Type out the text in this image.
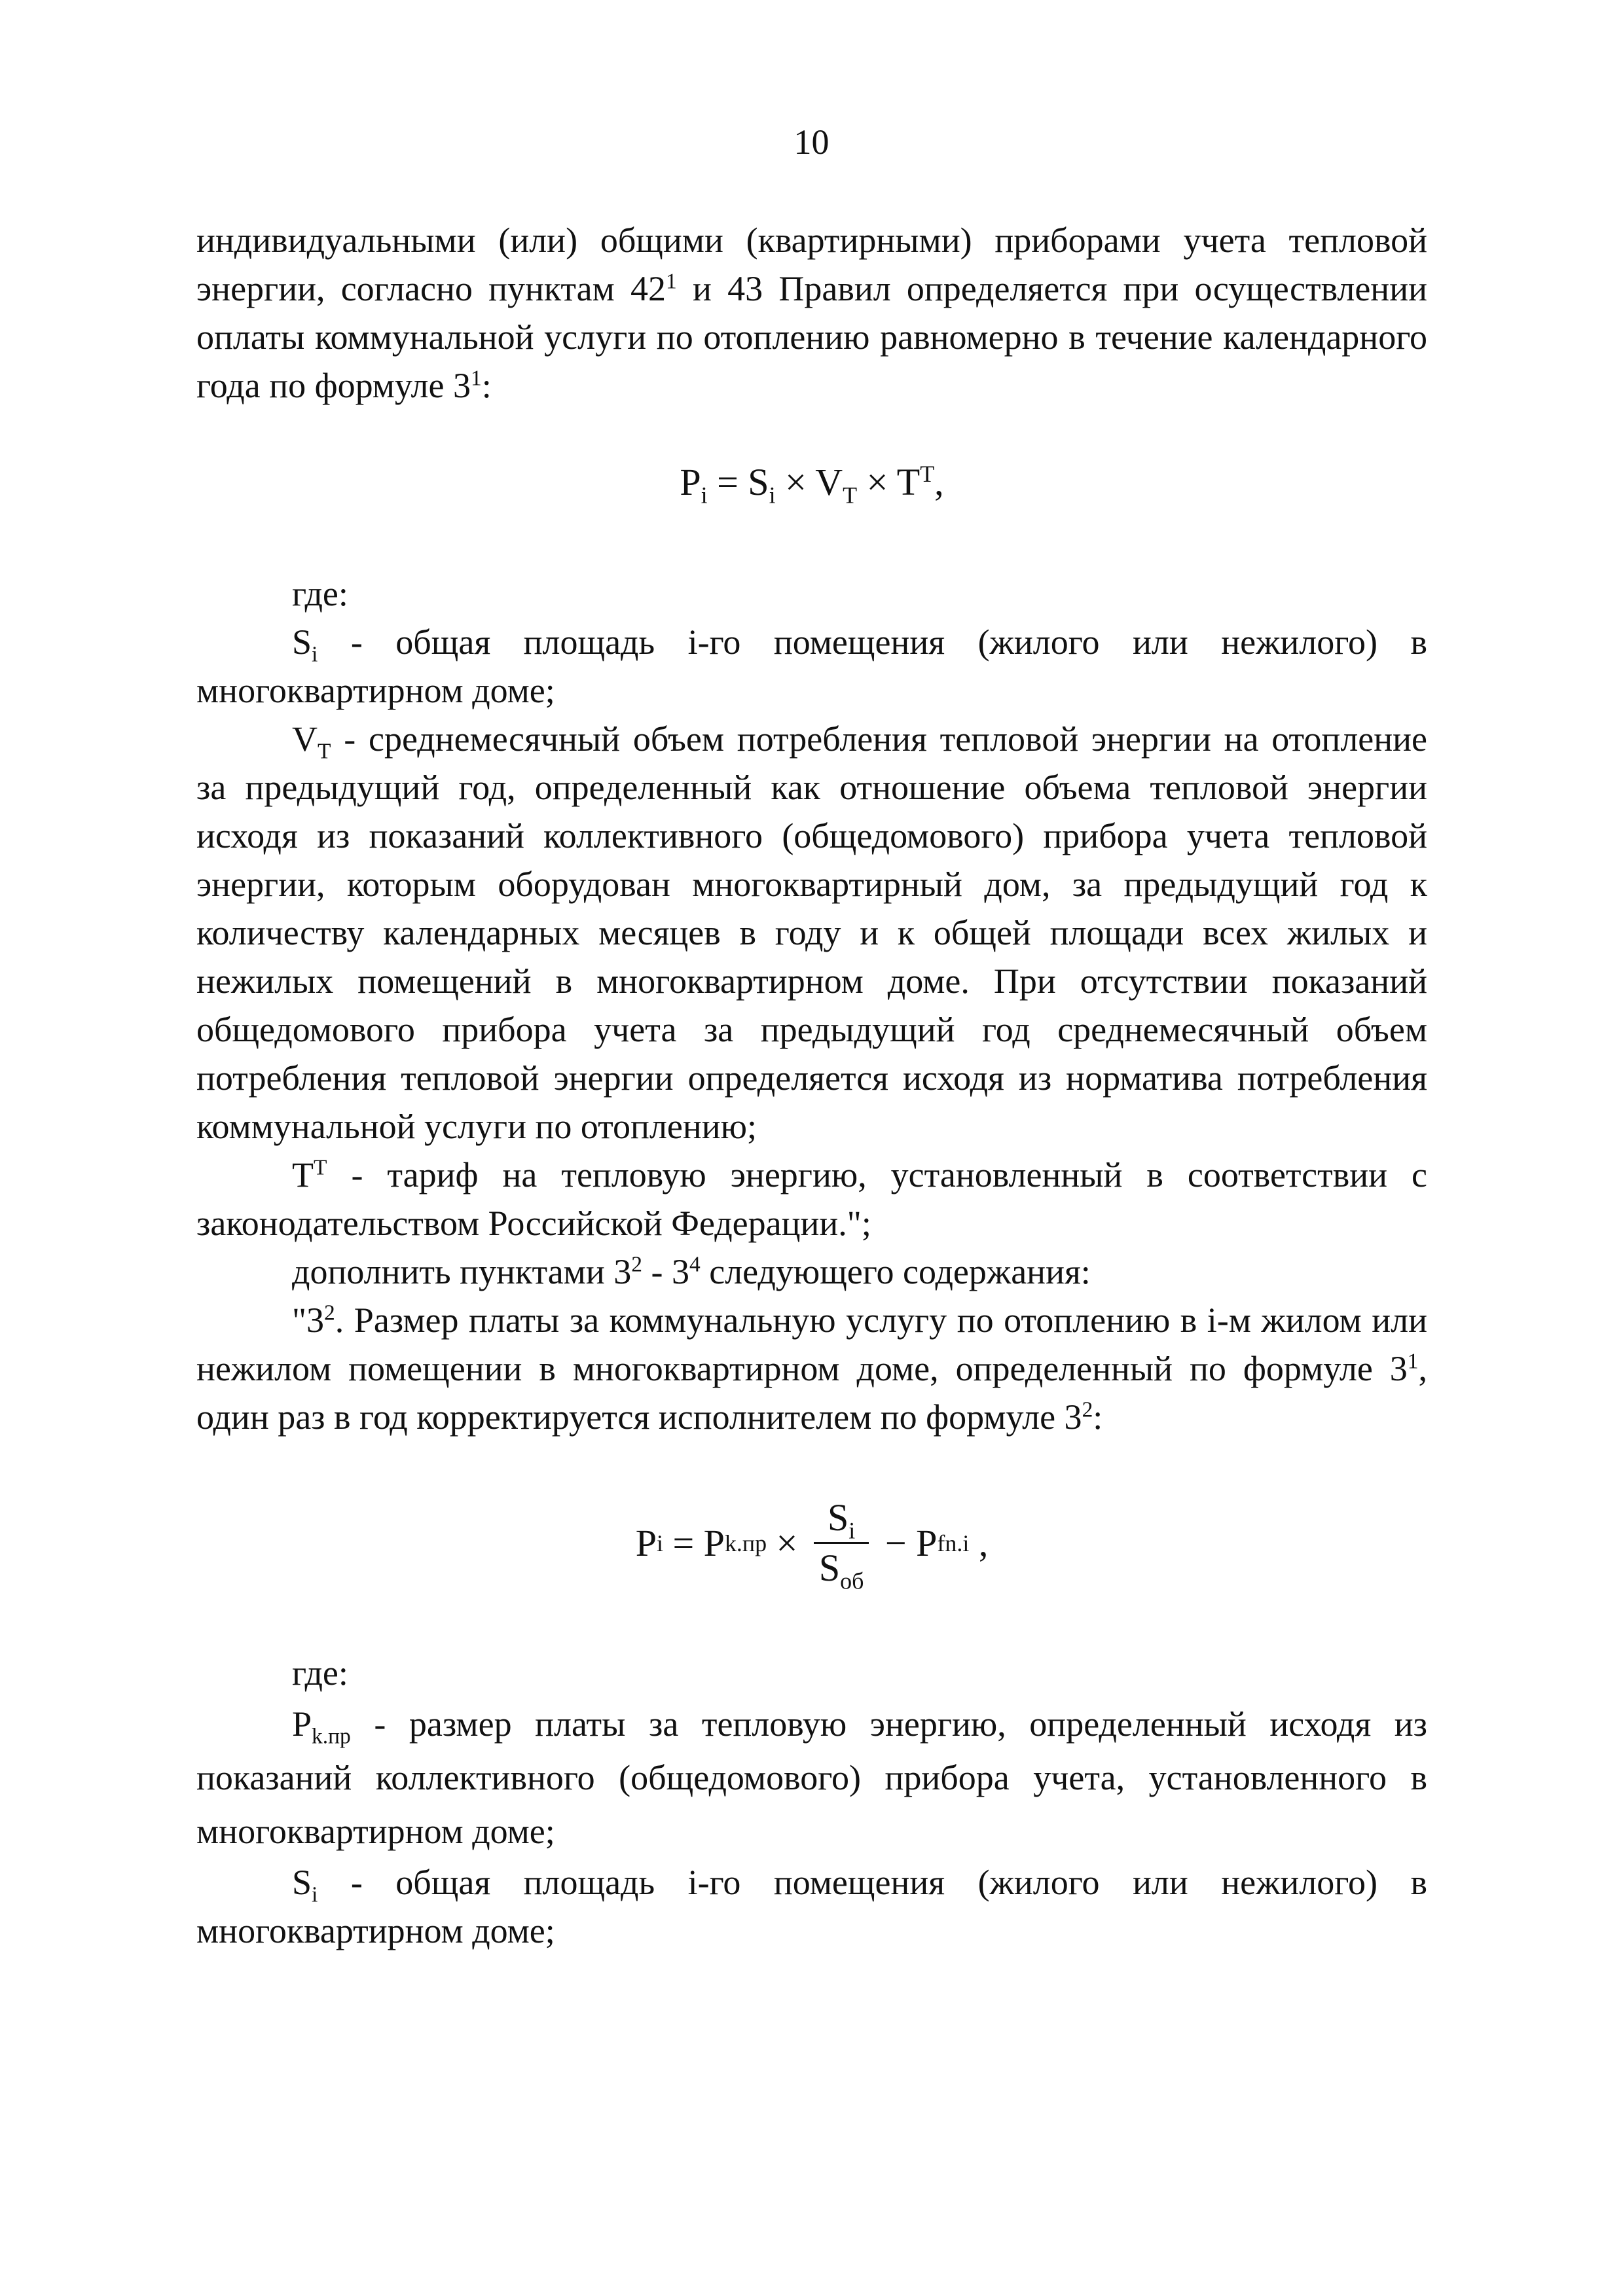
10

индивидуальными (или) общими (квартирными) приборами учета тепловой энергии, согласно пунктам $42^1$ и 43 Правил определяется при осуществлении оплаты коммунальной услуги по отоплению равномерно в течение календарного года по формуле $3^1$:

$P_i = S_i \times V_T \times T^T$,

где:

$S_i$ - общая площадь i-го помещения (жилого или нежилого) в многоквартирном доме;

$V_T$ - среднемесячный объем потребления тепловой энергии на отопление за предыдущий год, определенный как отношение объема тепловой энергии исходя из показаний коллективного (общедомового) прибора учета тепловой энергии, которым оборудован многоквартирный дом, за предыдущий год к количеству календарных месяцев в году и к общей площади всех жилых и нежилых помещений в многоквартирном доме. При отсутствии показаний общедомового прибора учета за предыдущий год среднемесячный объем потребления тепловой энергии определяется исходя из норматива потребления коммунальной услуги по отоплению;

$T^T$ - тариф на тепловую энергию, установленный в соответствии с законодательством Российской Федерации.";

дополнить пунктами $3^2 - 3^4$ следующего содержания:

"$3^2$. Размер платы за коммунальную услугу по отоплению в i-м жилом или нежилом помещении в многоквартирном доме, определенный по формуле $3^1$, один раз в год корректируется исполнителем по формуле $3^2$:

P i = P $k.пр \times \frac{S_i}{S_{об}} - P$ fn.i ,

где:

$P_{k.пр}$ - размер платы за тепловую энергию, определенный исходя из показаний коллективного (общедомового) прибора учета, установленного в многоквартирном доме;

$S_i$ - общая площадь i-го помещения (жилого или нежилого) в многоквартирном доме;
